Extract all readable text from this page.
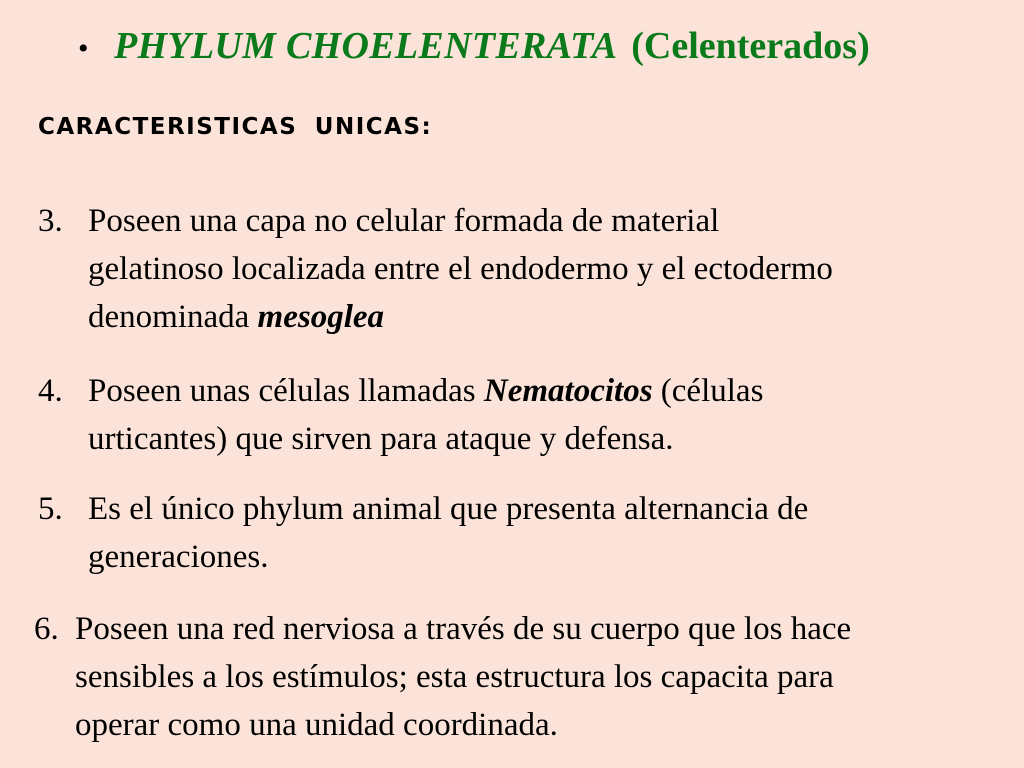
• PHYLUM CHOELENTERATA (Celenterados)
CARACTERISTICAS UNICAS:
3. Poseen una capa no celular formada de material
gelatinoso localizada entre el endodermo y el ectodermo
denominada mesoglea
4. Poseen unas células llamadas Nematocitos (células
urticantes) que sirven para ataque y defensa.
5. Es el único phylum animal que presenta alternancia de
generaciones.
6. Poseen una red nerviosa a través de su cuerpo que los hace
sensibles a los estímulos; esta estructura los capacita para
operar como una unidad coordinada.
